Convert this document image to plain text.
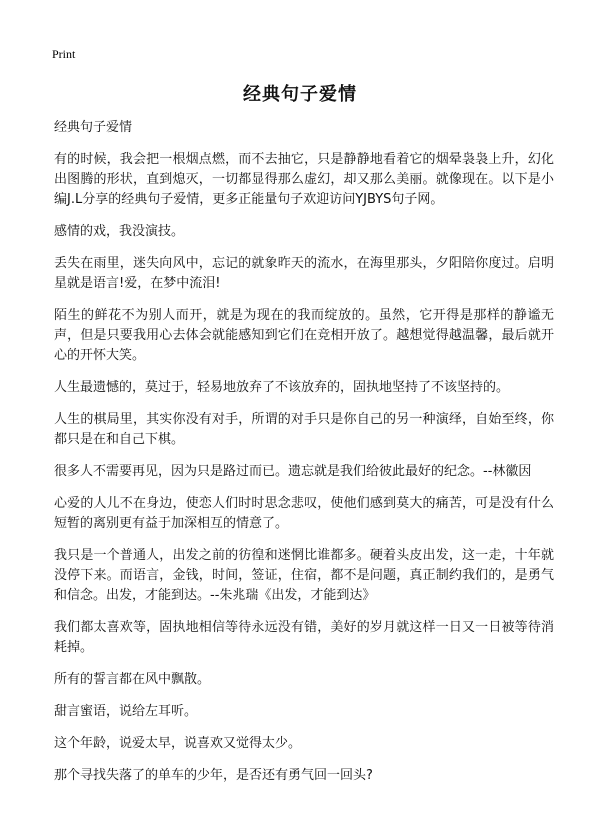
Print
经典句子爱情

经典句子爱情

有的时候，我会把一根烟点燃，而不去抽它，只是静静地看着它的烟晕袅袅上升，幻化出图腾的形状，直到熄灭，一切都显得那么虚幻，却又那么美丽。就像现在。以下是小编J.L分享的经典句子爱情，更多正能量句子欢迎访问YJBYS句子网。

感情的戏，我没演技。

丢失在雨里，迷失向风中，忘记的就象昨天的流水，在海里那头，夕阳陪你度过。启明星就是语言!爱，在梦中流泪!

陌生的鲜花不为别人而开，就是为现在的我而绽放的。虽然，它开得是那样的静谧无声，但是只要我用心去体会就能感知到它们在竞相开放了。越想觉得越温馨，最后就开心的开怀大笑。

人生最遗憾的，莫过于，轻易地放弃了不该放弃的，固执地坚持了不该坚持的。

人生的棋局里，其实你没有对手，所谓的对手只是你自己的另一种演绎，自始至终，你都只是在和自己下棋。

很多人不需要再见，因为只是路过而已。遗忘就是我们给彼此最好的纪念。--林徽因

心爱的人儿不在身边，使恋人们时时思念悲叹，使他们感到莫大的痛苦，可是没有什么短暂的离别更有益于加深相互的情意了。

我只是一个普通人，出发之前的彷徨和迷惘比谁都多。硬着头皮出发，这一走，十年就没停下来。而语言，金钱，时间，签证，住宿，都不是问题，真正制约我们的，是勇气和信念。出发，才能到达。--朱兆瑞《出发，才能到达》

我们都太喜欢等，固执地相信等待永远没有错，美好的岁月就这样一日又一日被等待消耗掉。

所有的誓言都在风中飘散。

甜言蜜语，说给左耳听。

这个年龄，说爱太早，说喜欢又觉得太少。

那个寻找失落了的单车的少年，是否还有勇气回一回头?
